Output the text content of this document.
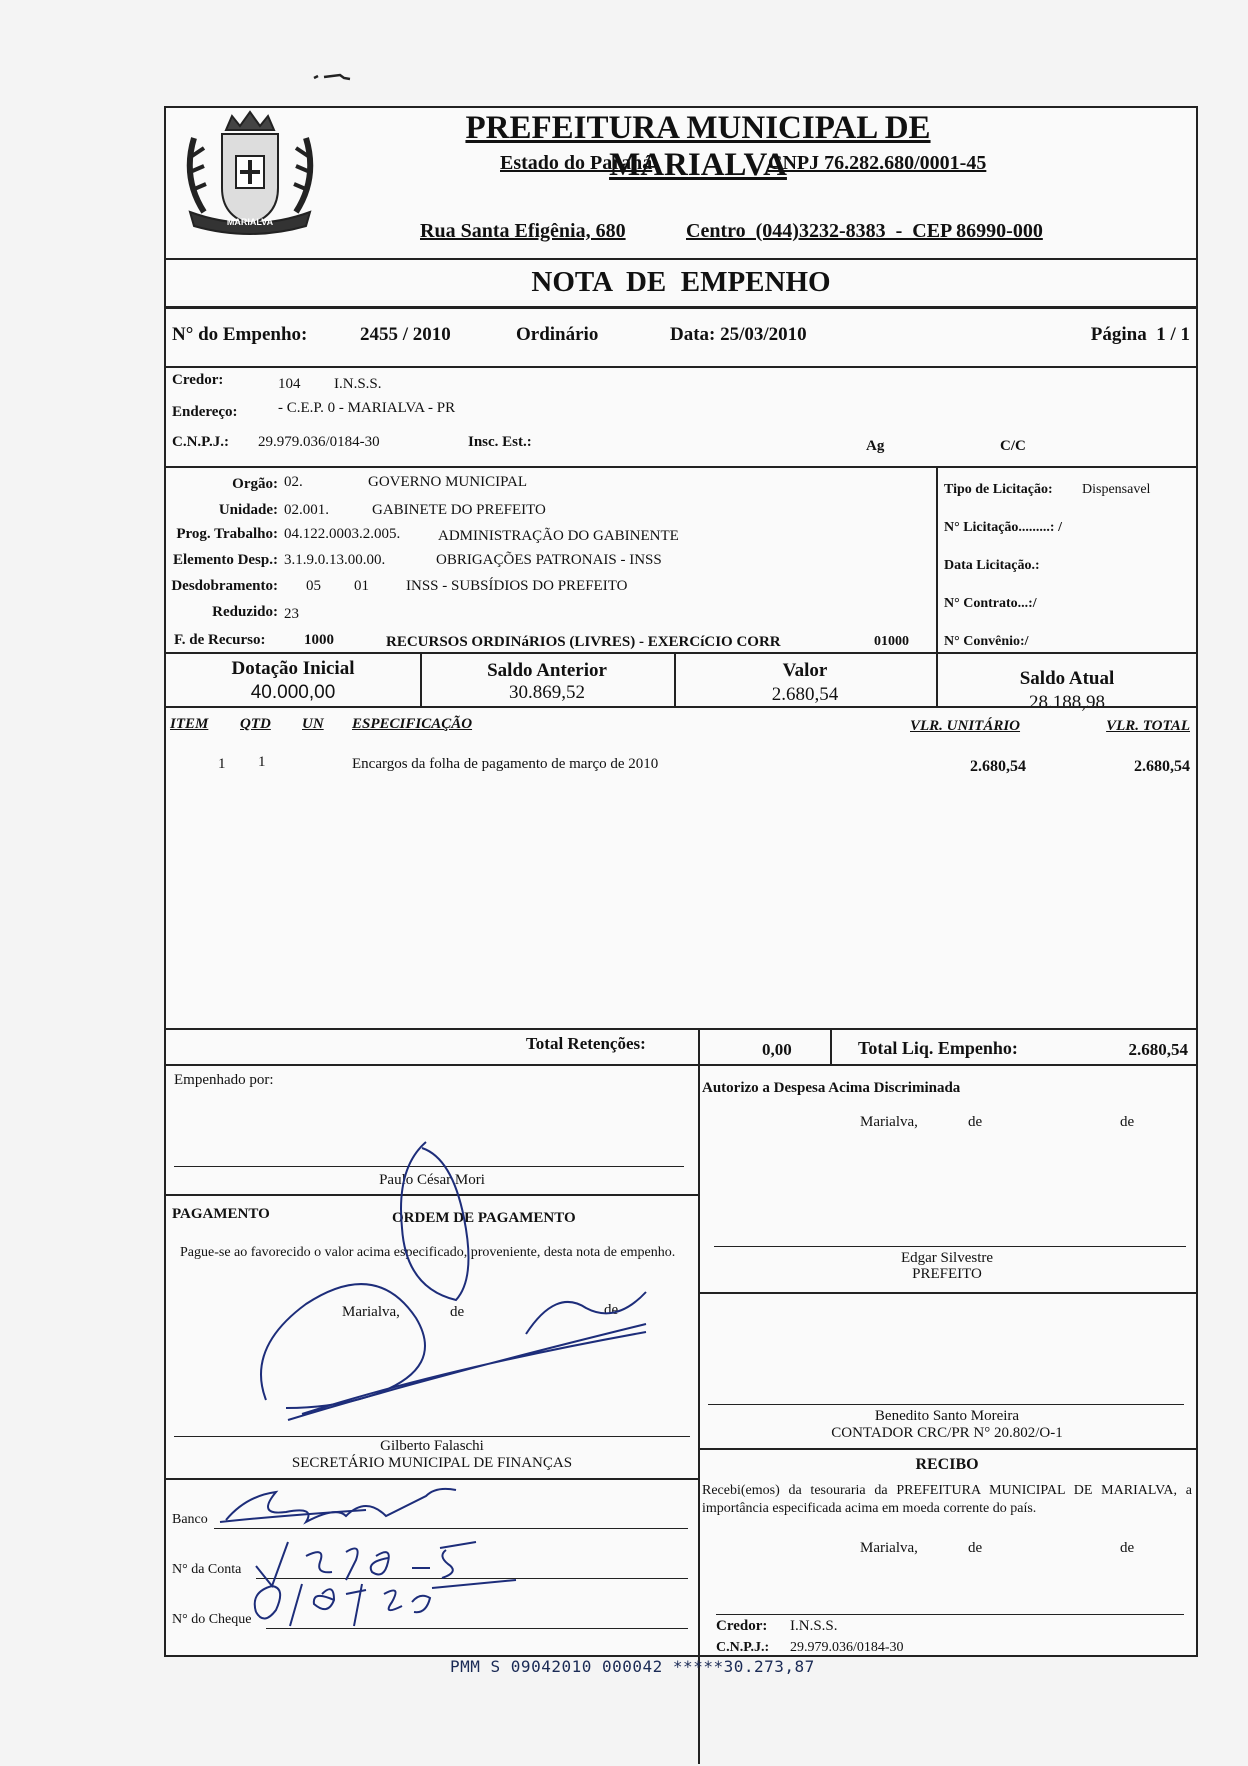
MARIALVA
PREFEITURA MUNICIPAL DE MARIALVA
Estado do Paraná	CNPJ 76.282.680/0001-45
Rua Santa Efigênia, 680	Centro  (044)3232-8383  -  CEP 86990-000
NOTA  DE  EMPENHO
N° do Empenho:	2455 / 2010	Ordinário	Data: 25/03/2010	Página  1 / 1
Credor:	104 I.N.S.S.
Endereço:	- C.E.P. 0 - MARIALVA - PR
C.N.P.J.: 29.979.036/0184-30	Insc. Est.:	Ag	C/C
Orgão: 02.	GOVERNO MUNICIPAL
Unidade: 02.001.	GABINETE DO PREFEITO
Prog. Trabalho: 04.122.0003.2.005.	ADMINISTRAÇÃO DO GABINENTE
Elemento Desp.: 3.1.9.0.13.00.00.	OBRIGAÇÕES PATRONAIS - INSS
Desdobramento: 05 01 INSS - SUBSÍDIOS DO PREFEITO
Reduzido: 23
F. de Recurso:	1000	RECURSOS ORDINáRIOS (LIVRES) - EXERCíCIO CORR	01000
Tipo de Licitação: Dispensavel
N° Licitação.........: /
Data Licitação.:
N° Contrato...:/
N° Convênio:/
Dotação Inicial
40.000,00
Saldo Anterior
30.869,52
Valor
2.680,54
Saldo Atual
28.188,98
ITEM QTD UN ESPECIFICAÇÃO	VLR. UNITÁRIO	VLR. TOTAL
1 1	Encargos da folha de pagamento de março de 2010	2.680,54	2.680,54
Total Retenções:	0,00	Total Liq. Empenho:	2.680,54
Empenhado por:
Paulo César Mori
Autorizo a Despesa Acima Discriminada
Marialva,	de	de
Edgar Silvestre
PREFEITO
PAGAMENTO	ORDEM DE PAGAMENTO
Pague-se ao favorecido o valor acima especificado, proveniente, desta nota de empenho.
Marialva,	de	de
Gilberto Falaschi
SECRETÁRIO MUNICIPAL DE FINANÇAS
Benedito Santo Moreira
CONTADOR CRC/PR N° 20.802/O-1
Banco
N° da Conta
N° do Cheque
RECIBO
Recebi(emos) da tesouraria da PREFEITURA MUNICIPAL DE MARIALVA, a importância especificada acima em moeda corrente do país.
Marialva,	de	de
Credor: I.N.S.S.
C.N.P.J.: 29.979.036/0184-30
PMM S 09042010 000042 *****30.273,87
